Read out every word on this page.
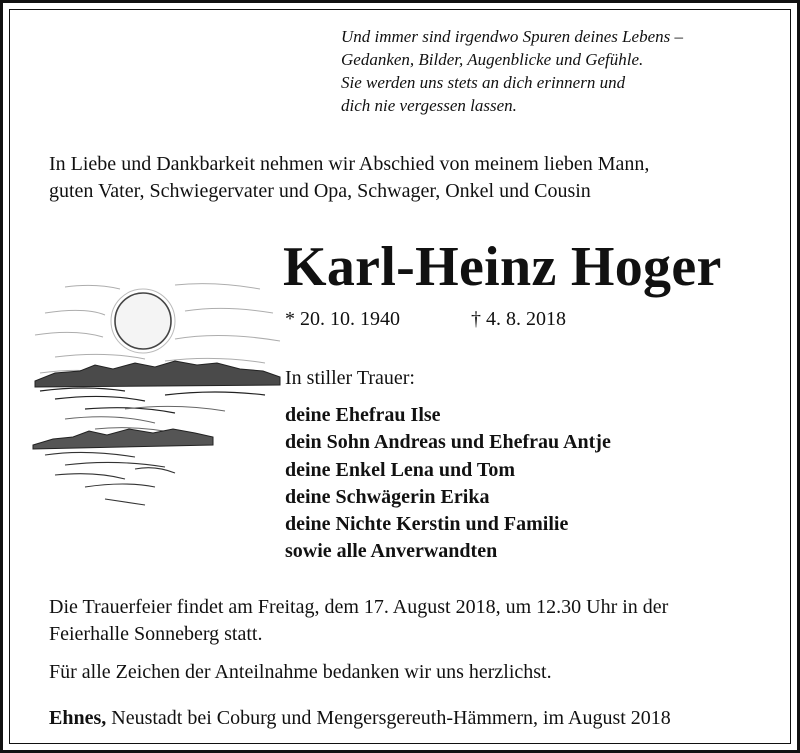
Und immer sind irgendwo Spuren deines Lebens –
Gedanken, Bilder, Augenblicke und Gefühle.
Sie werden uns stets an dich erinnern und
dich nie vergessen lassen.
In Liebe und Dankbarkeit nehmen wir Abschied von meinem lieben Mann,
guten Vater, Schwiegervater und Opa, Schwager, Onkel und Cousin
Karl-Heinz Hoger
* 20. 10. 1940	† 4. 8. 2018
In stiller Trauer:
deine Ehefrau Ilse
dein Sohn Andreas und Ehefrau Antje
deine Enkel Lena und Tom
deine Schwägerin Erika
deine Nichte Kerstin und Familie
sowie alle Anverwandten
Die Trauerfeier findet am Freitag, dem 17. August 2018, um 12.30 Uhr in der
Feierhalle Sonneberg statt.
Für alle Zeichen der Anteilnahme bedanken wir uns herzlichst.
Ehnes, Neustadt bei Coburg und Mengersgereuth-Hämmern, im August 2018
